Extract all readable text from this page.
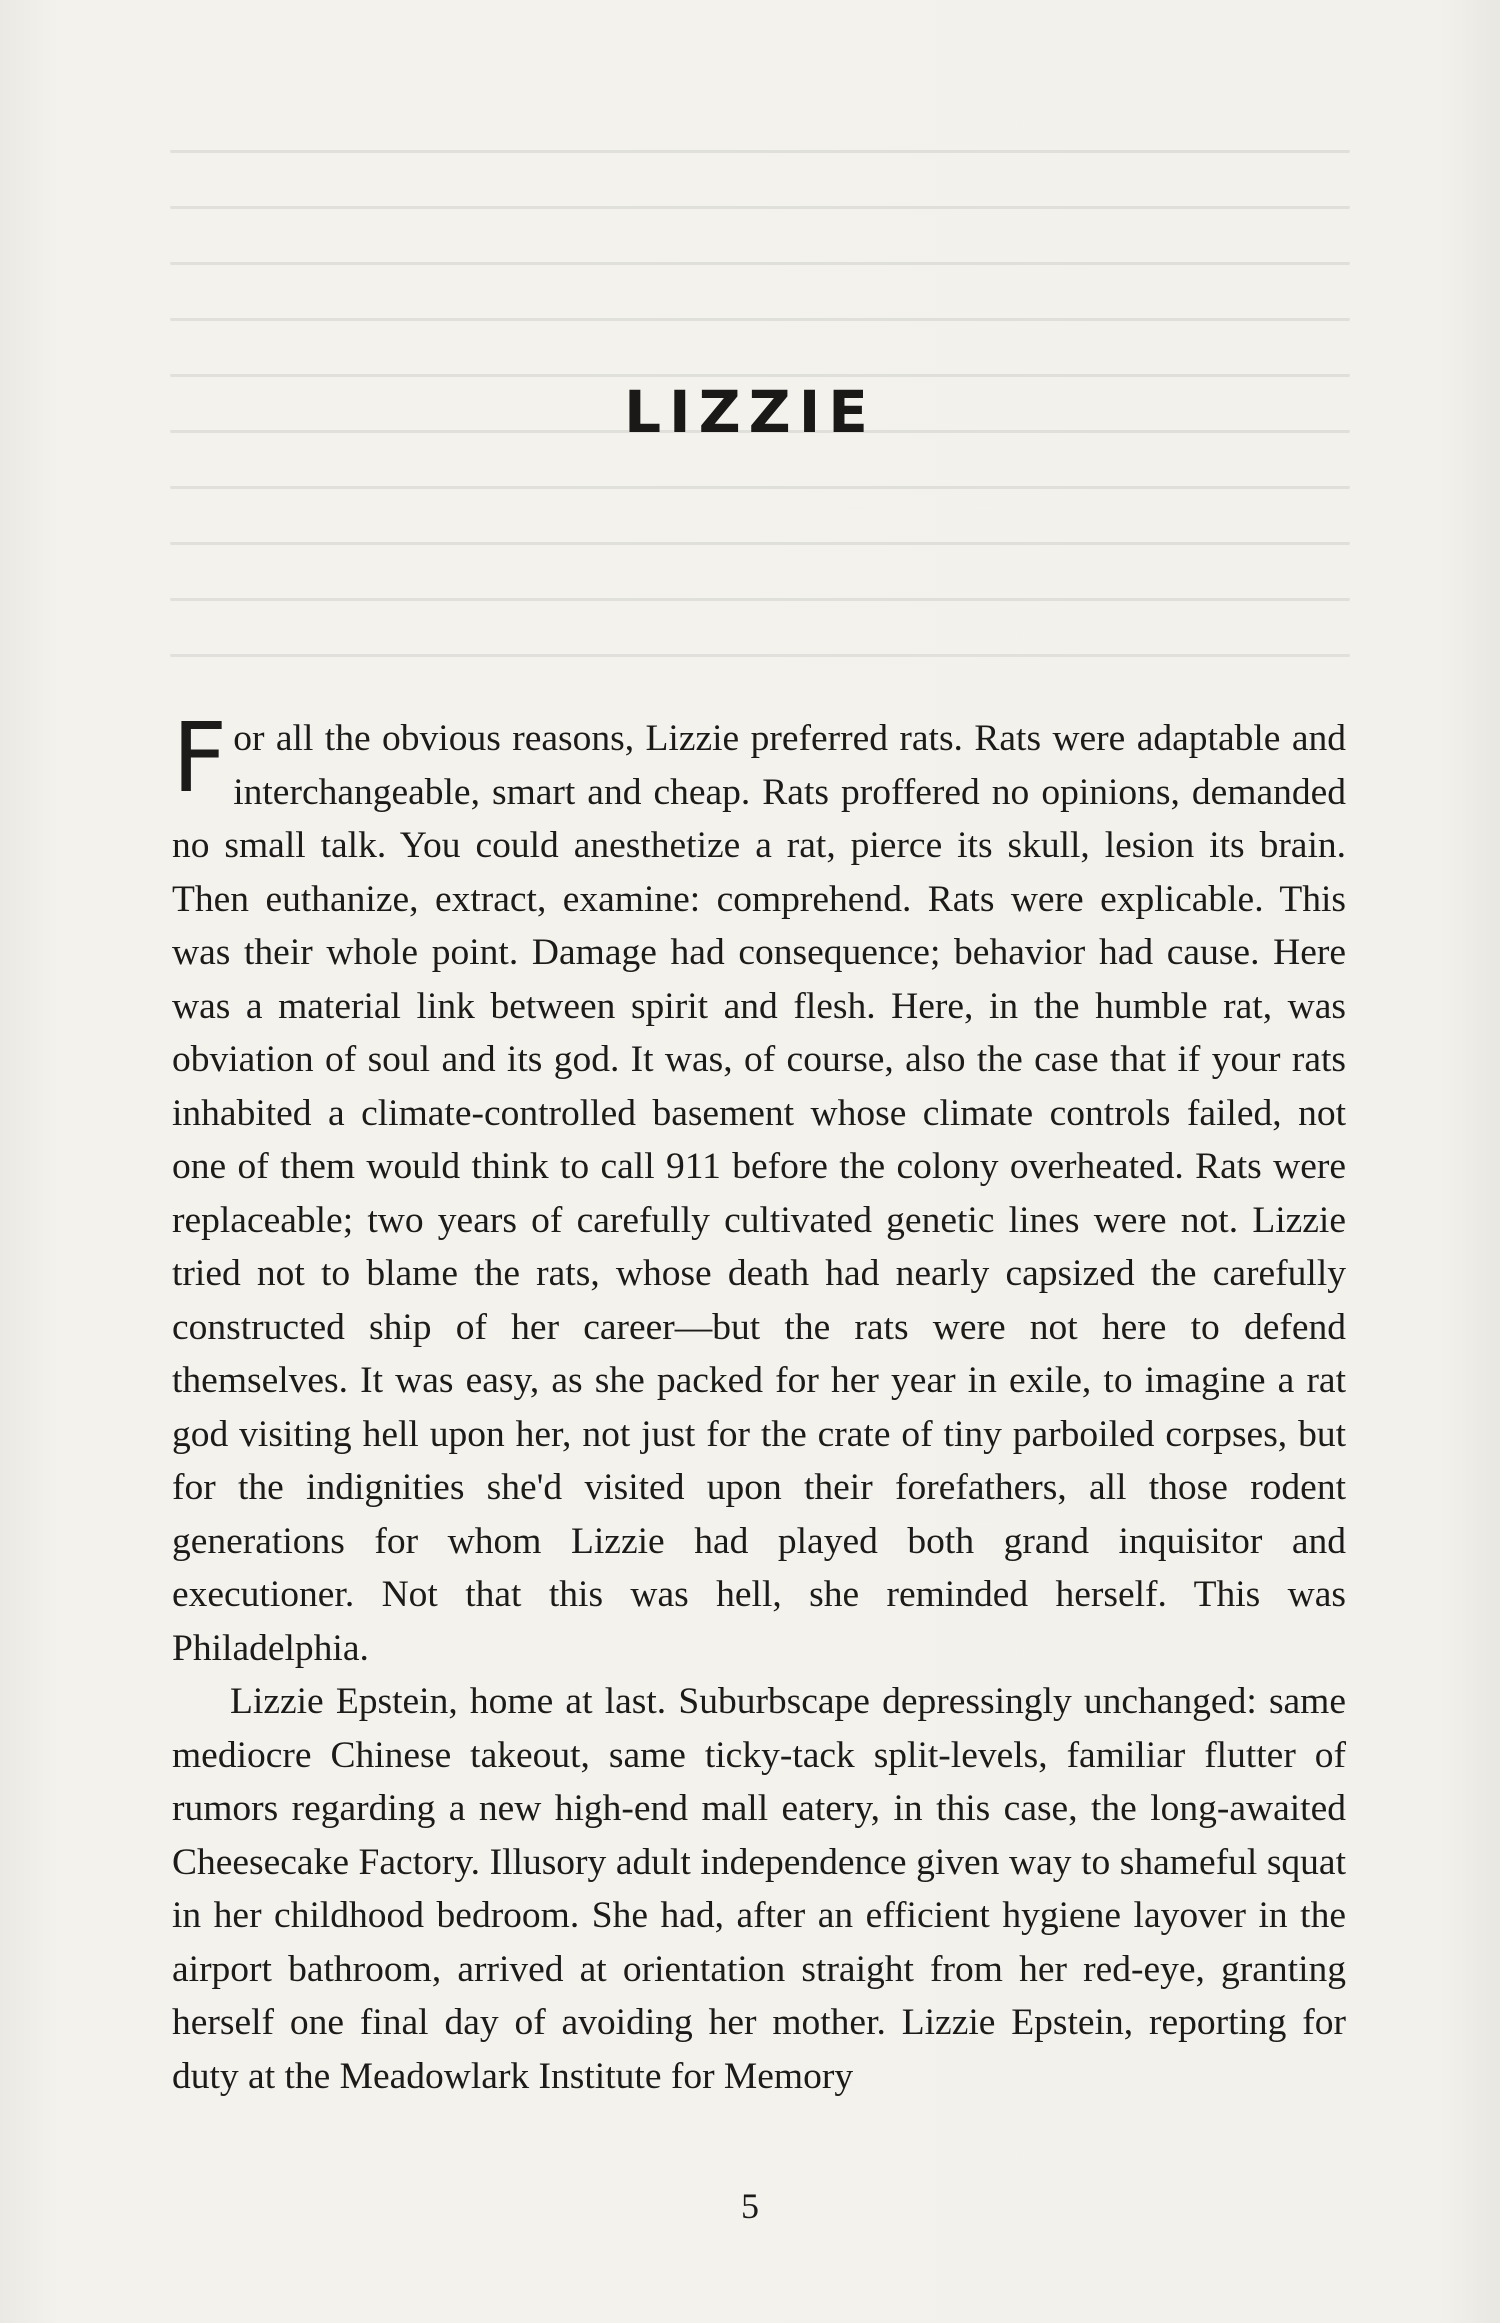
LIZZIE

For all the obvious reasons, Lizzie preferred rats. Rats were adaptable and interchangeable, smart and cheap. Rats proffered no opinions, demanded no small talk. You could anesthetize a rat, pierce its skull, lesion its brain. Then euthanize, extract, examine: comprehend. Rats were explicable. This was their whole point. Damage had consequence; behavior had cause. Here was a material link between spirit and flesh. Here, in the humble rat, was obviation of soul and its god. It was, of course, also the case that if your rats inhabited a climate-controlled basement whose climate controls failed, not one of them would think to call 911 before the colony overheated. Rats were replaceable; two years of carefully cultivated genetic lines were not. Lizzie tried not to blame the rats, whose death had nearly capsized the carefully constructed ship of her career—but the rats were not here to defend themselves. It was easy, as she packed for her year in exile, to imagine a rat god visiting hell upon her, not just for the crate of tiny parboiled corpses, but for the indignities she'd visited upon their forefathers, all those rodent generations for whom Lizzie had played both grand inquisitor and executioner. Not that this was hell, she reminded herself. This was Philadelphia.

Lizzie Epstein, home at last. Suburbscape depressingly unchanged: same mediocre Chinese takeout, same ticky-tack split-levels, familiar flutter of rumors regarding a new high-end mall eatery, in this case, the long-awaited Cheesecake Factory. Illusory adult independence given way to shameful squat in her childhood bedroom. She had, after an efficient hygiene layover in the airport bathroom, arrived at orientation straight from her red-eye, granting herself one final day of avoiding her mother. Lizzie Epstein, reporting for duty at the Meadowlark Institute for Memory

5
